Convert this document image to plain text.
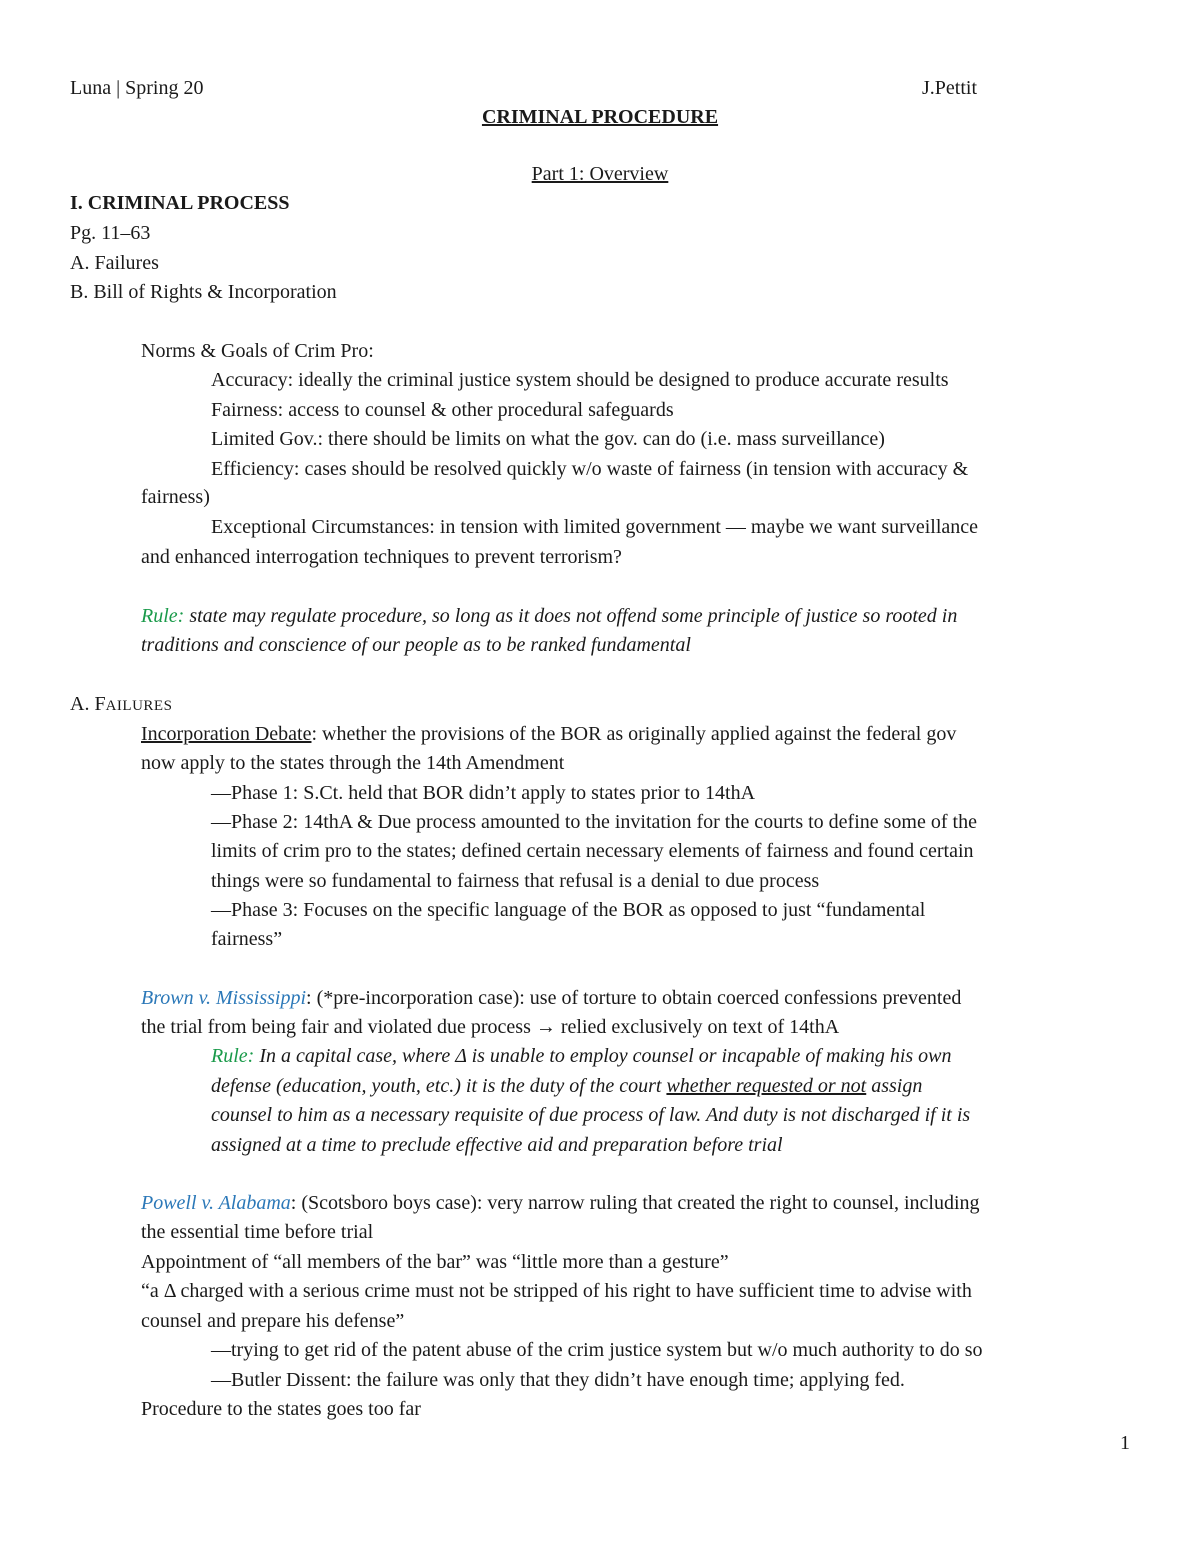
Luna | Spring 20	J.Pettit
CRIMINAL PROCEDURE
Part 1: Overview
I. CRIMINAL PROCESS
Pg. 11–63
A. Failures
B. Bill of Rights & Incorporation
Norms & Goals of Crim Pro:
Accuracy: ideally the criminal justice system should be designed to produce accurate results
Fairness: access to counsel & other procedural safeguards
Limited Gov.: there should be limits on what the gov. can do (i.e. mass surveillance)
Efficiency: cases should be resolved quickly w/o waste of fairness (in tension with accuracy &
fairness)
Exceptional Circumstances: in tension with limited government — maybe we want surveillance
and enhanced interrogation techniques to prevent terrorism?
Rule: state may regulate procedure, so long as it does not offend some principle of justice so rooted in
traditions and conscience of our people as to be ranked fundamental
A. FAILURES
Incorporation Debate: whether the provisions of the BOR as originally applied against the federal gov
now apply to the states through the 14th Amendment
—Phase 1: S.Ct. held that BOR didn’t apply to states prior to 14thA
—Phase 2: 14thA & Due process amounted to the invitation for the courts to define some of the
limits of crim pro to the states; defined certain necessary elements of fairness and found certain
things were so fundamental to fairness that refusal is a denial to due process
—Phase 3: Focuses on the specific language of the BOR as opposed to just “fundamental
fairness”
Brown v. Mississippi: (*pre-incorporation case): use of torture to obtain coerced confessions prevented
the trial from being fair and violated due process → relied exclusively on text of 14thA
Rule: In a capital case, where Δ is unable to employ counsel or incapable of making his own
defense (education, youth, etc.) it is the duty of the court whether requested or not assign
counsel to him as a necessary requisite of due process of law. And duty is not discharged if it is
assigned at a time to preclude effective aid and preparation before trial
Powell v. Alabama: (Scotsboro boys case): very narrow ruling that created the right to counsel, including
the essential time before trial
Appointment of “all members of the bar” was “little more than a gesture”
“a Δ charged with a serious crime must not be stripped of his right to have sufficient time to advise with
counsel and prepare his defense”
—trying to get rid of the patent abuse of the crim justice system but w/o much authority to do so
—Butler Dissent: the failure was only that they didn’t have enough time; applying fed.
Procedure to the states goes too far
1
